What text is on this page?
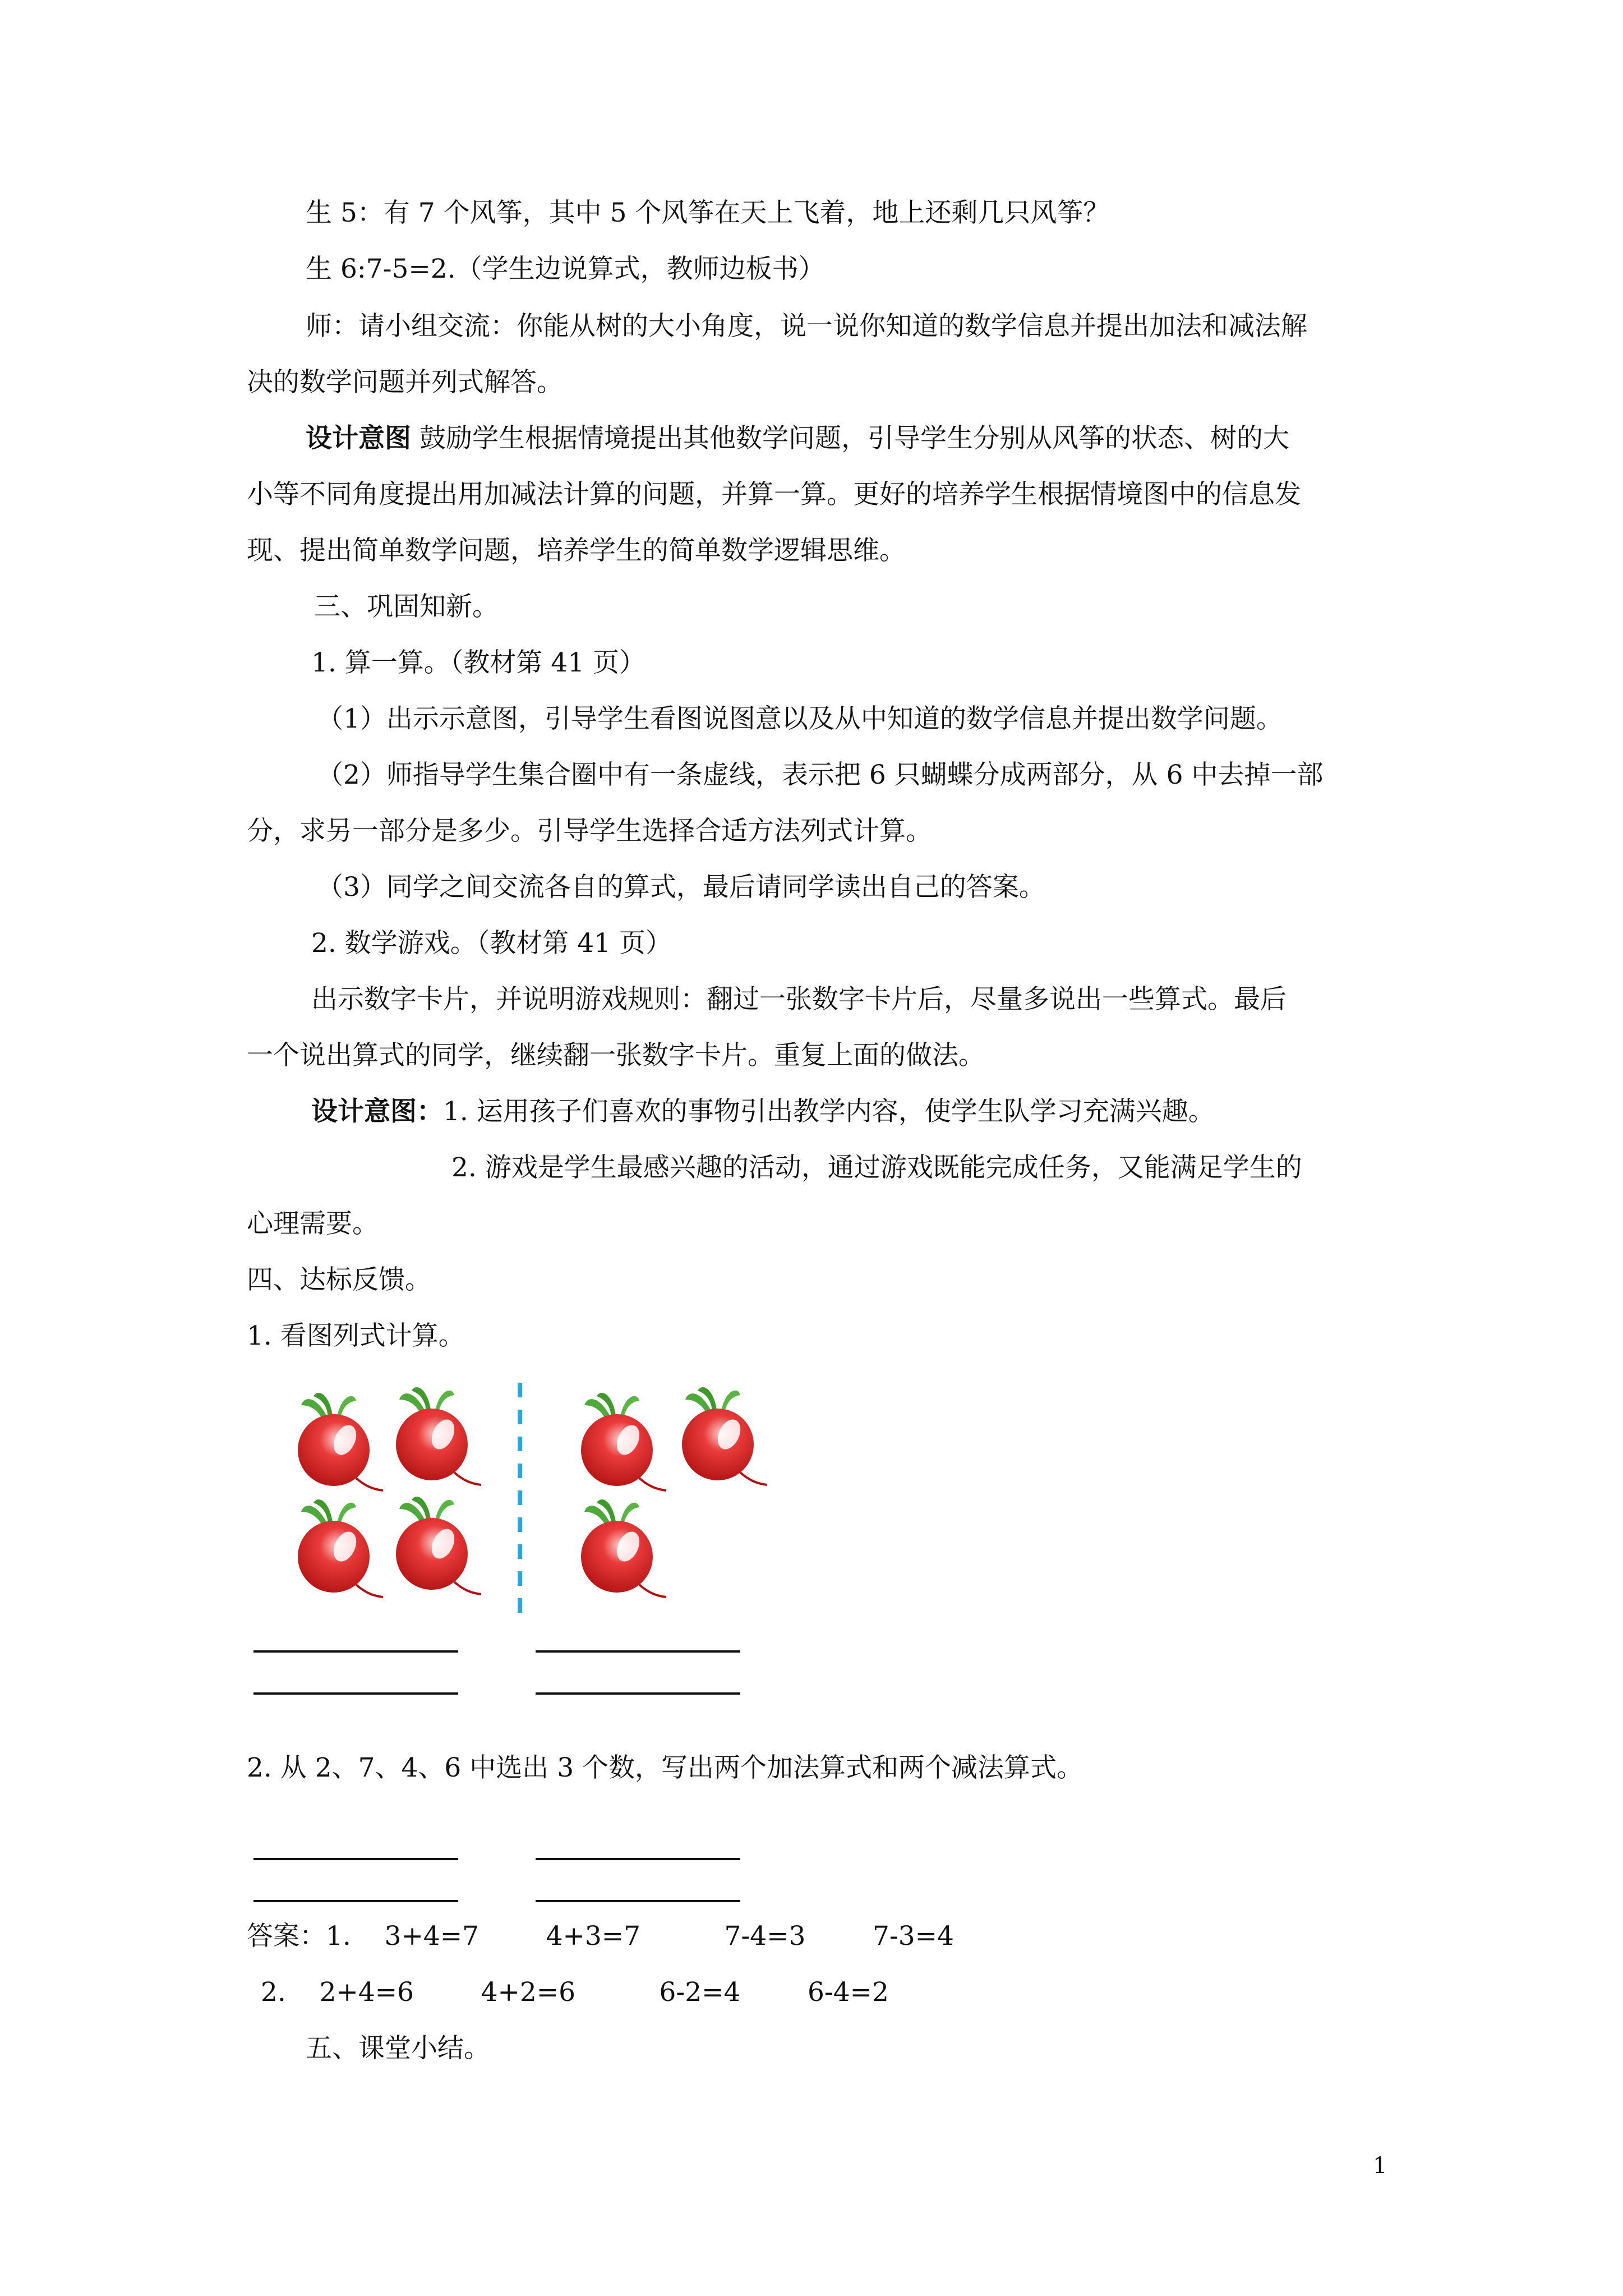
生 5：有 7 个风筝，其中 5 个风筝在天上飞着，地上还剩几只风筝？
生 6:7-5=2.（学生边说算式，教师边板书）
师：请小组交流：你能从树的大小角度，说一说你知道的数学信息并提出加法和减法解
决的数学问题并列式解答。
设计意图 鼓励学生根据情境提出其他数学问题，引导学生分别从风筝的状态、树的大
小等不同角度提出用加减法计算的问题，并算一算。更好的培养学生根据情境图中的信息发
现、提出简单数学问题，培养学生的简单数学逻辑思维。
三、巩固知新。
1. 算一算。（教材第 41 页）
（1）出示示意图，引导学生看图说图意以及从中知道的数学信息并提出数学问题。
（2）师指导学生集合圈中有一条虚线，表示把 6 只蝴蝶分成两部分，从 6 中去掉一部
分，求另一部分是多少。引导学生选择合适方法列式计算。
（3）同学之间交流各自的算式，最后请同学读出自己的答案。
2. 数学游戏。（教材第 41 页）
出示数字卡片，并说明游戏规则：翻过一张数字卡片后，尽量多说出一些算式。最后
一个说出算式的同学，继续翻一张数字卡片。重复上面的做法。
设计意图：1. 运用孩子们喜欢的事物引出教学内容，使学生队学习充满兴趣。
2. 游戏是学生最感兴趣的活动，通过游戏既能完成任务，又能满足学生的
心理需要。
四、达标反馈。
1. 看图列式计算。
2. 从 2、7、4、6 中选出 3 个数，写出两个加法算式和两个减法算式。
答案：1.    3+4=7        4+3=7          7-4=3        7-3=4
2.    2+4=6        4+2=6          6-2=4        6-4=2
五、课堂小结。
1
